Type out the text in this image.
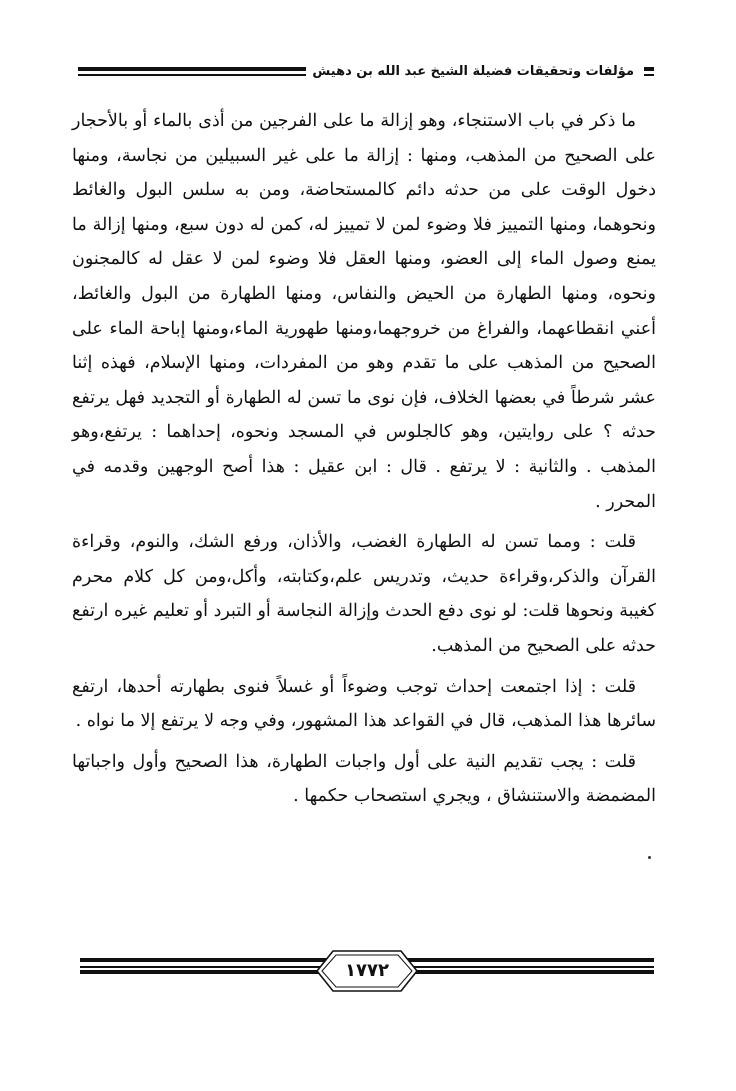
مؤلفات وتحقيقات فضيلة الشيخ عبد الله بن دهيش

ما ذكر في باب الاستنجاء، وهو إزالة ما على الفرجين من أذى بالماء أو بالأحجار على الصحيح من المذهب، ومنها : إزالة ما على غير السبيلين من نجاسة، ومنها دخول الوقت على من حدثه دائم كالمستحاضة، ومن به سلس البول والغائط ونحوهما، ومنها التمييز فلا وضوء لمن لا تمييز له، كمن له دون سبع، ومنها إزالة ما يمنع وصول الماء إلى العضو، ومنها العقل فلا وضوء لمن لا عقل له كالمجنون ونحوه، ومنها الطهارة من الحيض والنفاس، ومنها الطهارة من البول والغائط، أعني انقطاعهما، والفراغ من خروجهما،ومنها طهورية الماء،ومنها إباحة الماء على الصحيح من المذهب على ما تقدم وهو من المفردات، ومنها الإسلام، فهذه إثنا عشر شرطاً في بعضها الخلاف، فإن نوى ما تسن له الطهارة أو التجديد فهل يرتفع حدثه ؟ على روايتين، وهو كالجلوس في المسجد ونحوه، إحداهما : يرتفع،وهو المذهب . والثانية : لا يرتفع . قال : ابن عقيل : هذا أصح الوجهين وقدمه في المحرر .

قلت : ومما تسن له الطهارة الغضب، والأذان، ورفع الشك، والنوم، وقراءة القرآن والذكر،وقراءة حديث، وتدريس علم،وكتابته، وأكل،ومن كل كلام محرم كغيبة ونحوها قلت: لو نوى دفع الحدث وإزالة النجاسة أو التبرد أو تعليم غيره ارتفع حدثه على الصحيح من المذهب.

قلت : إذا اجتمعت إحداث توجب وضوءاً أو غسلاً فنوى بطهارته أحدها، ارتفع سائرها هذا المذهب، قال في القواعد هذا المشهور، وفي وجه لا يرتفع إلا ما نواه .

قلت : يجب تقديم النية على أول واجبات الطهارة، هذا الصحيح وأول واجباتها المضمضة والاستنشاق ، ويجري استصحاب حكمها .

١٧٧٢
